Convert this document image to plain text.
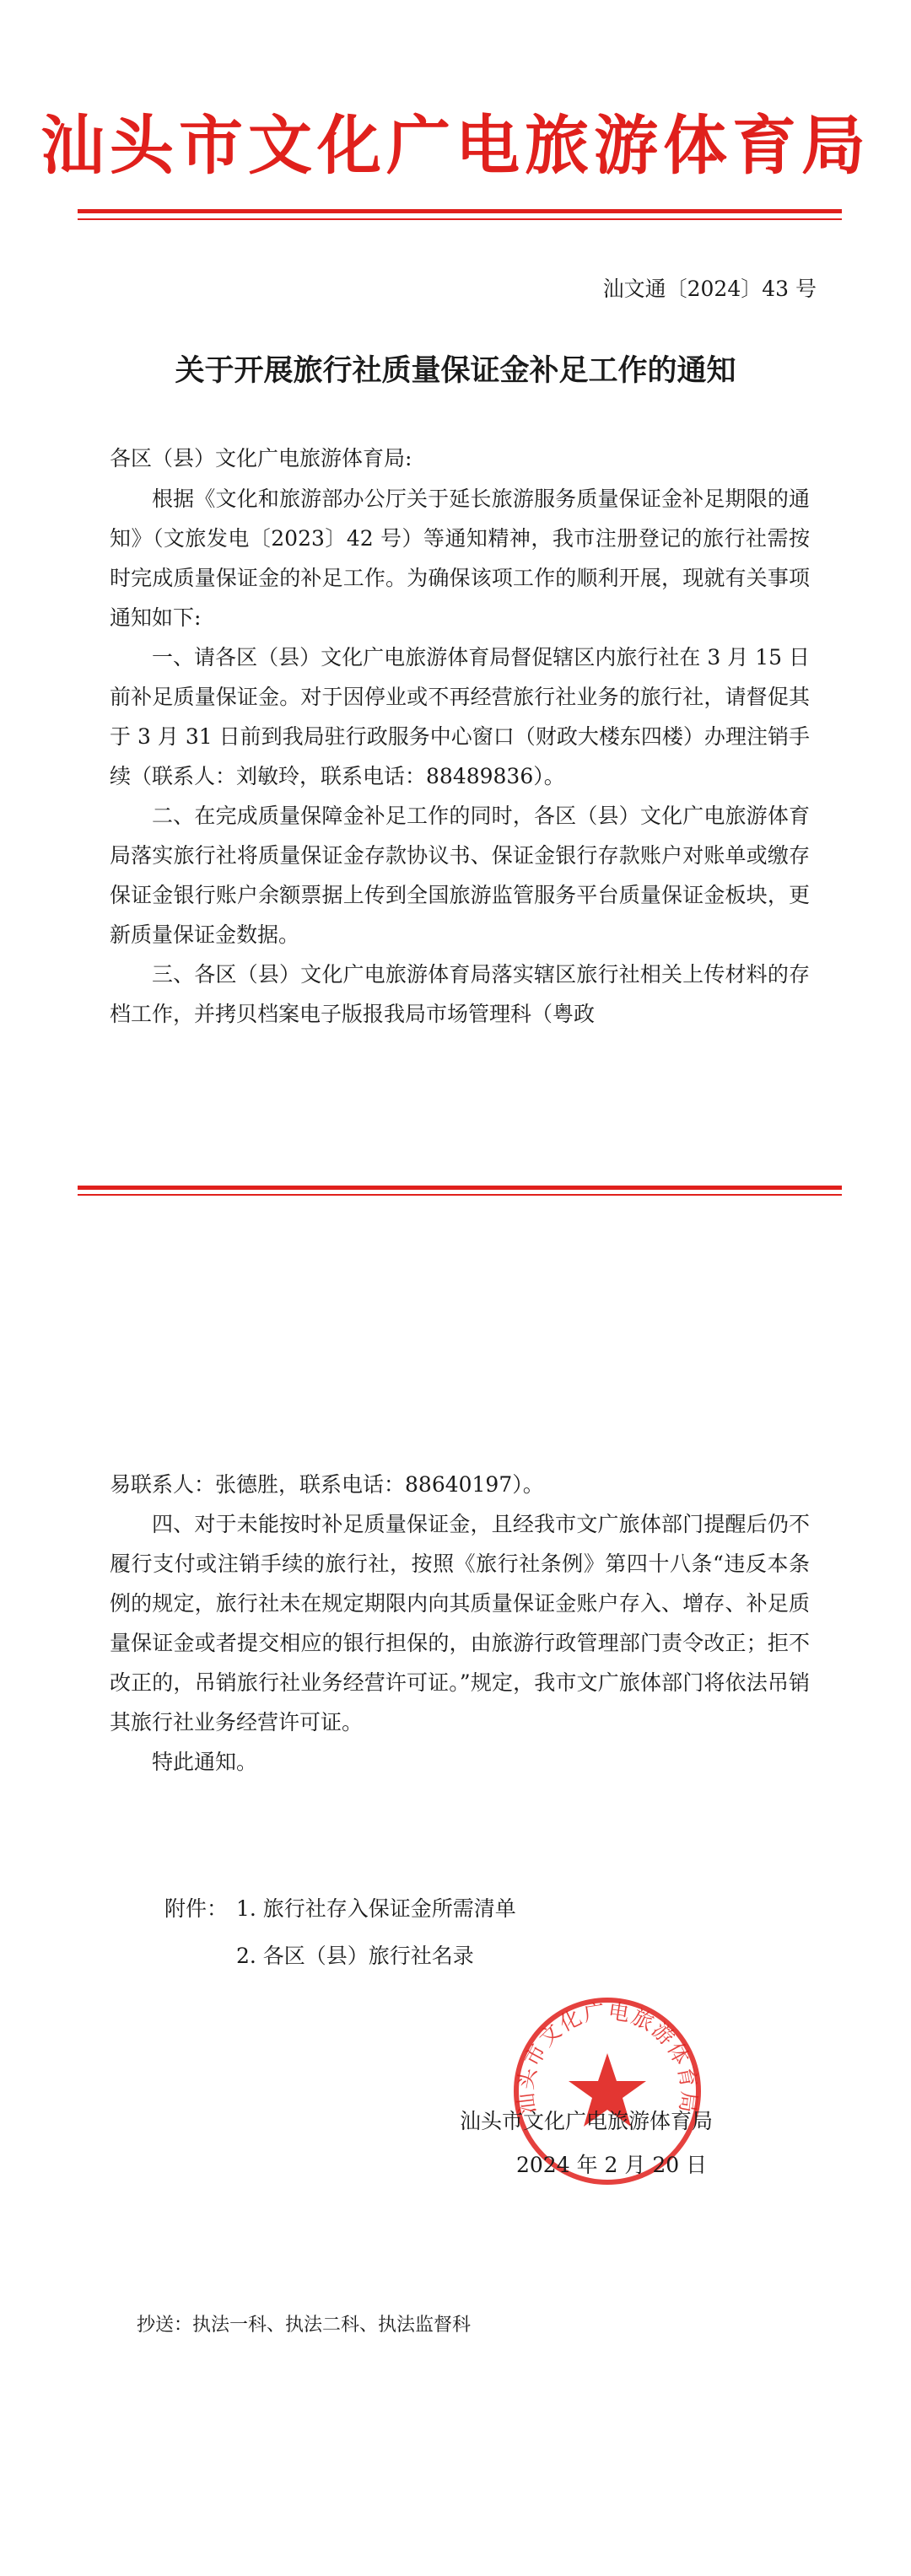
汕头市文化广电旅游体育局
汕文通〔2024〕43 号
关于开展旅行社质量保证金补足工作的通知
各区（县）文化广电旅游体育局:

根据《文化和旅游部办公厅关于延长旅游服务质量保证金补足期限的通知》（文旅发电〔2023〕42 号）等通知精神，我市注册登记的旅行社需按时完成质量保证金的补足工作。为确保该项工作的顺利开展，现就有关事项通知如下:

一、请各区（县）文化广电旅游体育局督促辖区内旅行社在 3 月 15 日前补足质量保证金。对于因停业或不再经营旅行社业务的旅行社，请督促其于 3 月 31 日前到我局驻行政服务中心窗口（财政大楼东四楼）办理注销手续（联系人：刘敏玲，联系电话：88489836）。

二、在完成质量保障金补足工作的同时，各区（县）文化广电旅游体育局落实旅行社将质量保证金存款协议书、保证金银行存款账户对账单或缴存保证金银行账户余额票据上传到全国旅游监管服务平台质量保证金板块，更新质量保证金数据。

三、各区（县）文化广电旅游体育局落实辖区旅行社相关上传材料的存档工作，并拷贝档案电子版报我局市场管理科（粤政

易联系人：张德胜，联系电话：88640197）。

四、对于未能按时补足质量保证金，且经我市文广旅体部门提醒后仍不履行支付或注销手续的旅行社，按照《旅行社条例》第四十八条“违反本条例的规定，旅行社未在规定期限内向其质量保证金账户存入、增存、补足质量保证金或者提交相应的银行担保的，由旅游行政管理部门责令改正；拒不改正的，吊销旅行社业务经营许可证。”规定，我市文广旅体部门将依法吊销其旅行社业务经营许可证。

特此通知。

附件： 1. 旅行社存入保证金所需清单
2. 各区（县）旅行社名录
汕头市文化广电旅游体育局
汕头市文化广电旅游体育局
2024 年 2 月 20 日
抄送：执法一科、执法二科、执法监督科
